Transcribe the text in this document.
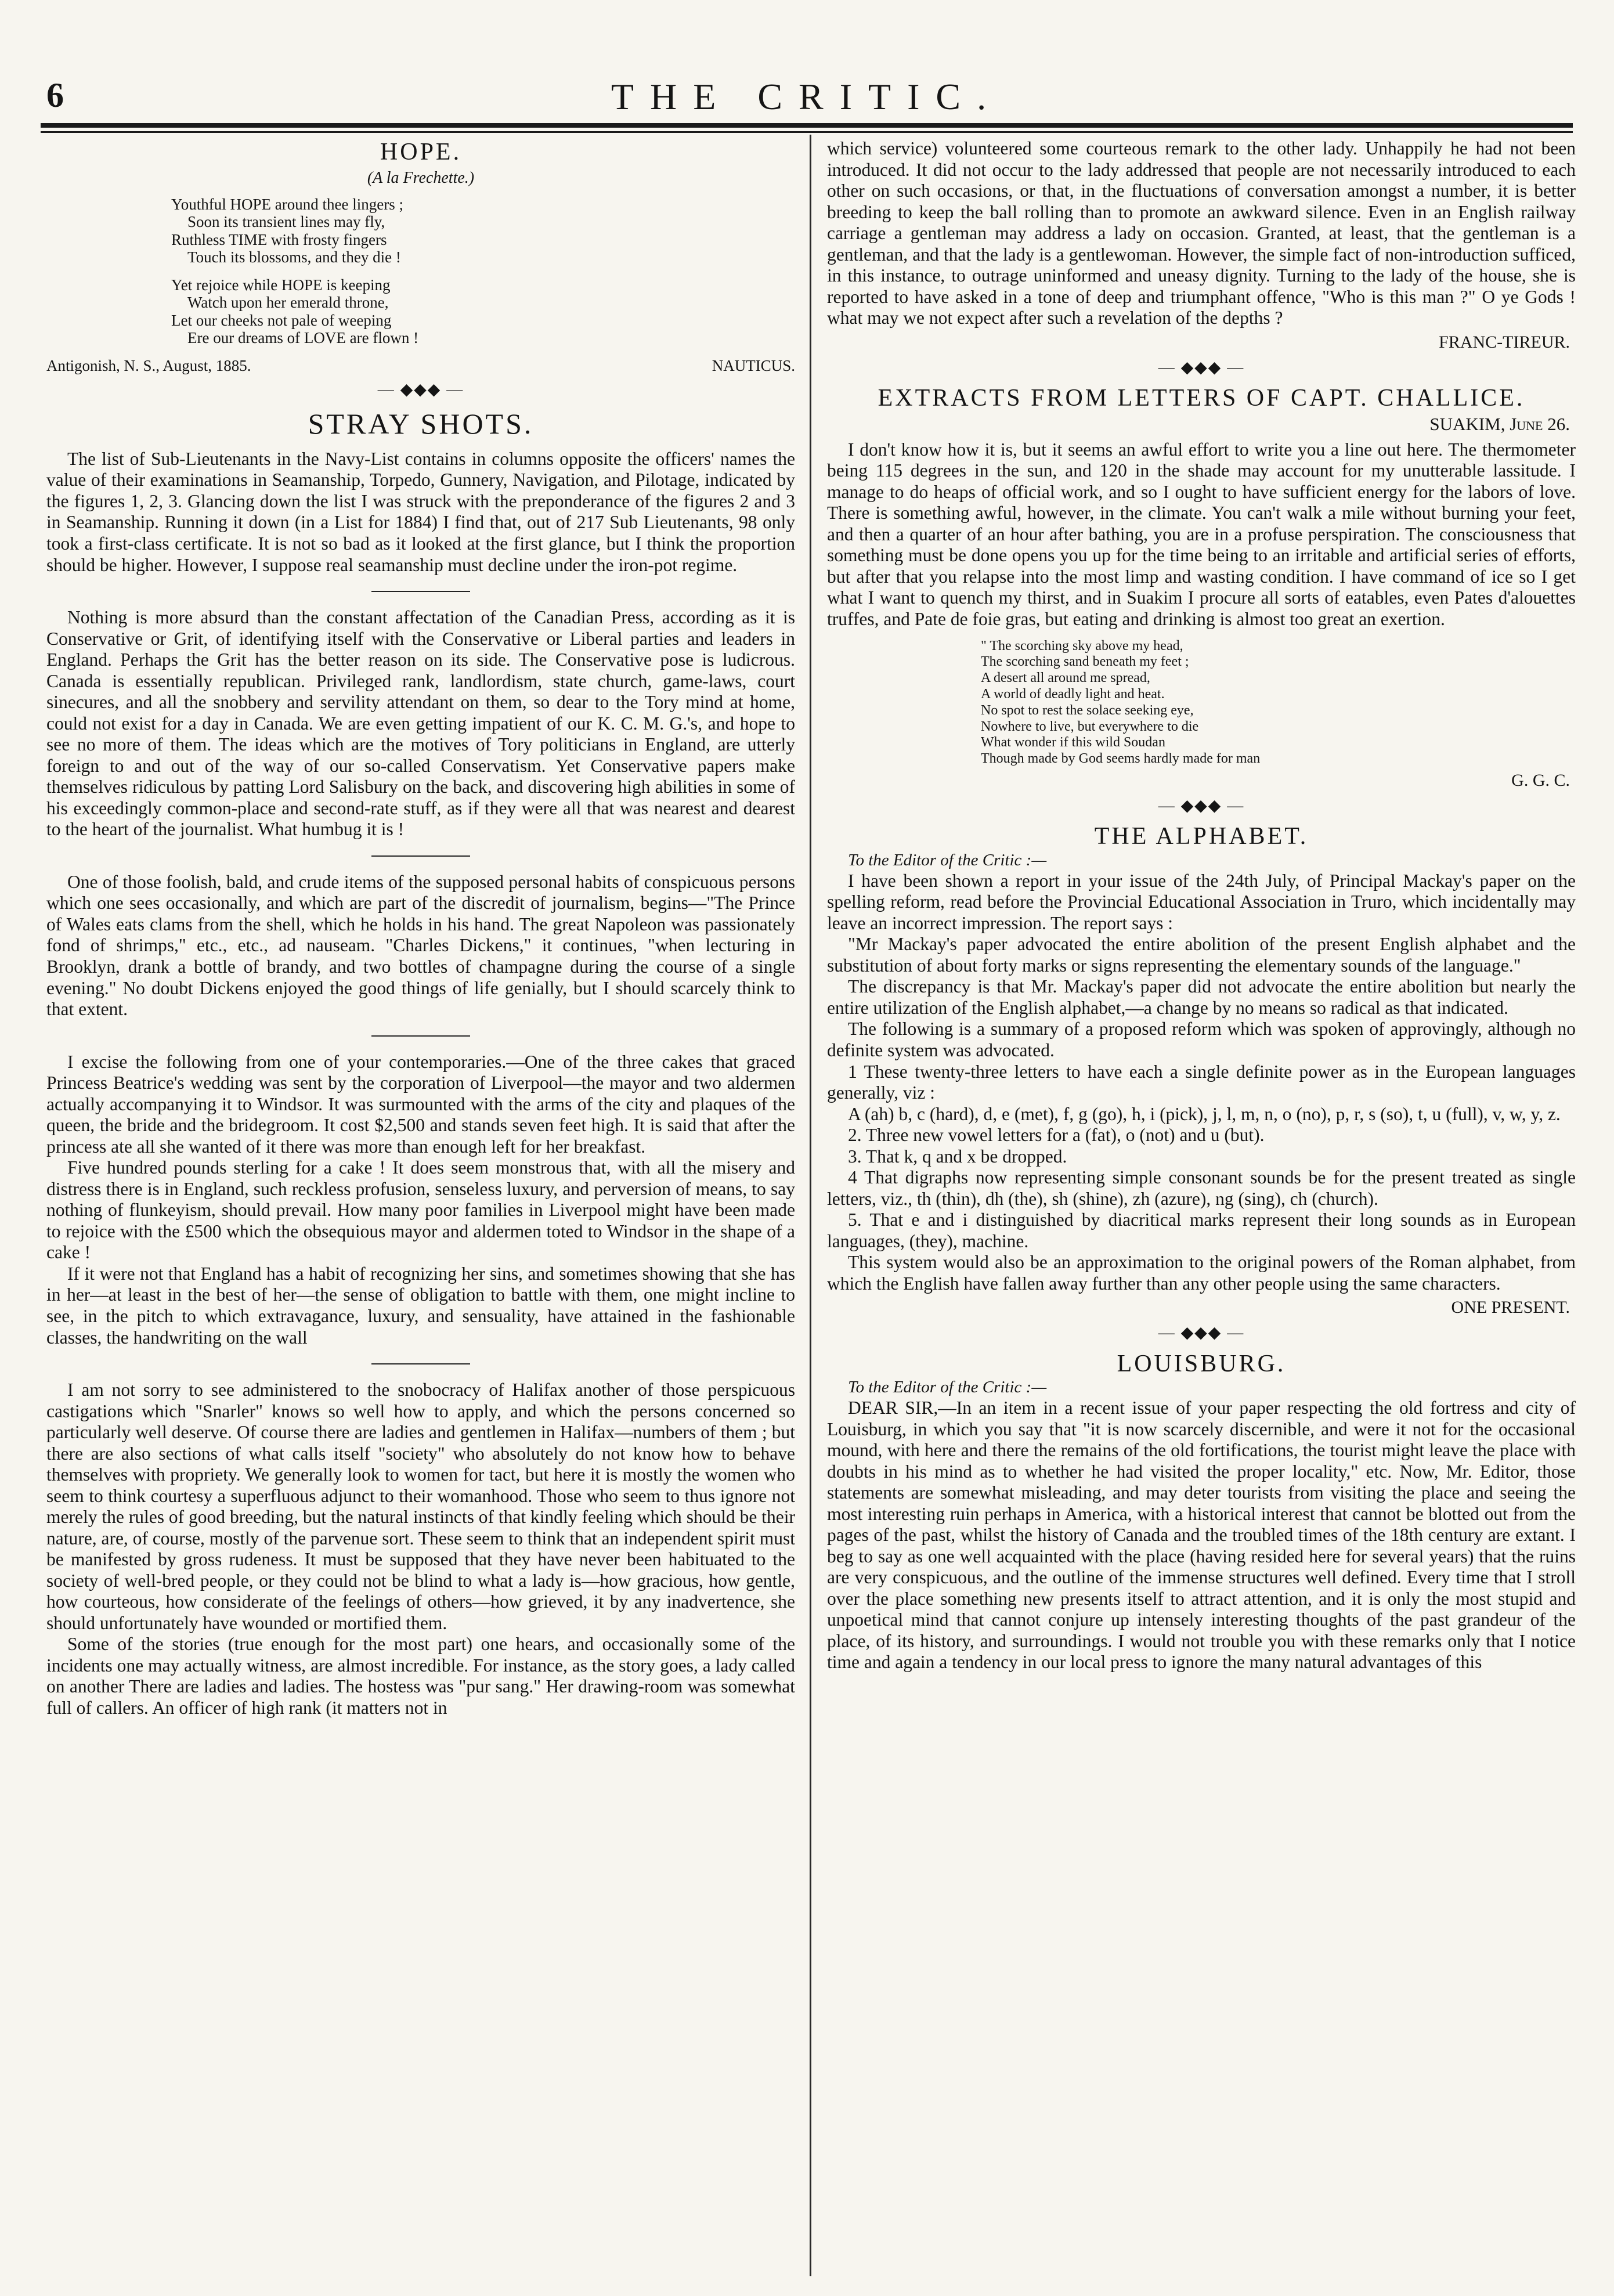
6	THE CRITIC.
HOPE.
(A la Frechette.)
Youthful HOPE around thee lingers ;
Soon its transient lines may fly,
Ruthless TIME with frosty fingers
Touch its blossoms, and they die !
Yet rejoice while HOPE is keeping
Watch upon her emerald throne,
Let our cheeks not pale of weeping
Ere our dreams of LOVE are flown !
Antigonish, N. S., August, 1885.	NAUTICUS.
— ◆◆◆ —
STRAY SHOTS.

The list of Sub-Lieutenants in the Navy-List contains in columns opposite the officers' names the value of their examinations in Seamanship, Torpedo, Gunnery, Navigation, and Pilotage, indicated by the figures 1, 2, 3. Glancing down the list I was struck with the preponderance of the figures 2 and 3 in Seamanship. Running it down (in a List for 1884) I find that, out of 217 Sub Lieutenants, 98 only took a first-class certificate. It is not so bad as it looked at the first glance, but I think the proportion should be higher. However, I suppose real seamanship must decline under the iron-pot regime.

Nothing is more absurd than the constant affectation of the Canadian Press, according as it is Conservative or Grit, of identifying itself with the Conservative or Liberal parties and leaders in England. Perhaps the Grit has the better reason on its side. The Conservative pose is ludicrous. Canada is essentially republican. Privileged rank, landlordism, state church, game-laws, court sinecures, and all the snobbery and servility attendant on them, so dear to the Tory mind at home, could not exist for a day in Canada. We are even getting impatient of our K. C. M. G.'s, and hope to see no more of them. The ideas which are the motives of Tory politicians in England, are utterly foreign to and out of the way of our so-called Conservatism. Yet Conservative papers make themselves ridiculous by patting Lord Salisbury on the back, and discovering high abilities in some of his exceedingly common-place and second-rate stuff, as if they were all that was nearest and dearest to the heart of the journalist. What humbug it is !

One of those foolish, bald, and crude items of the supposed personal habits of conspicuous persons which one sees occasionally, and which are part of the discredit of journalism, begins—"The Prince of Wales eats clams from the shell, which he holds in his hand. The great Napoleon was passionately fond of shrimps," etc., etc., ad nauseam. "Charles Dickens," it continues, "when lecturing in Brooklyn, drank a bottle of brandy, and two bottles of champagne during the course of a single evening." No doubt Dickens enjoyed the good things of life genially, but I should scarcely think to that extent.

I excise the following from one of your contemporaries.—One of the three cakes that graced Princess Beatrice's wedding was sent by the corporation of Liverpool—the mayor and two aldermen actually accompanying it to Windsor. It was surmounted with the arms of the city and plaques of the queen, the bride and the bridegroom. It cost $2,500 and stands seven feet high. It is said that after the princess ate all she wanted of it there was more than enough left for her breakfast.

Five hundred pounds sterling for a cake ! It does seem monstrous that, with all the misery and distress there is in England, such reckless profusion, senseless luxury, and perversion of means, to say nothing of flunkeyism, should prevail. How many poor families in Liverpool might have been made to rejoice with the £500 which the obsequious mayor and aldermen toted to Windsor in the shape of a cake !

If it were not that England has a habit of recognizing her sins, and sometimes showing that she has in her—at least in the best of her—the sense of obligation to battle with them, one might incline to see, in the pitch to which extravagance, luxury, and sensuality, have attained in the fashionable classes, the handwriting on the wall

I am not sorry to see administered to the snobocracy of Halifax another of those perspicuous castigations which "Snarler" knows so well how to apply, and which the persons concerned so particularly well deserve. Of course there are ladies and gentlemen in Halifax—numbers of them ; but there are also sections of what calls itself "society" who absolutely do not know how to behave themselves with propriety. We generally look to women for tact, but here it is mostly the women who seem to think courtesy a superfluous adjunct to their womanhood. Those who seem to thus ignore not merely the rules of good breeding, but the natural instincts of that kindly feeling which should be their nature, are, of course, mostly of the parvenue sort. These seem to think that an independent spirit must be manifested by gross rudeness. It must be supposed that they have never been habituated to the society of well-bred people, or they could not be blind to what a lady is—how gracious, how gentle, how courteous, how considerate of the feelings of others—how grieved, it by any inadvertence, she should unfortunately have wounded or mortified them.

Some of the stories (true enough for the most part) one hears, and occasionally some of the incidents one may actually witness, are almost incredible. For instance, as the story goes, a lady called on another There are ladies and ladies. The hostess was "pur sang." Her drawing-room was somewhat full of callers. An officer of high rank (it matters not in

which service) volunteered some courteous remark to the other lady. Unhappily he had not been introduced. It did not occur to the lady addressed that people are not necessarily introduced to each other on such occasions, or that, in the fluctuations of conversation amongst a number, it is better breeding to keep the ball rolling than to promote an awkward silence. Even in an English railway carriage a gentleman may address a lady on occasion. Granted, at least, that the gentleman is a gentleman, and that the lady is a gentlewoman. However, the simple fact of non-introduction sufficed, in this instance, to outrage uninformed and uneasy dignity. Turning to the lady of the house, she is reported to have asked in a tone of deep and triumphant offence, "Who is this man ?" O ye Gods ! what may we not expect after such a revelation of the depths ?

FRANC-TIREUR.
— ◆◆◆ —
EXTRACTS FROM LETTERS OF CAPT. CHALLICE.
SUAKIM, June 26.

I don't know how it is, but it seems an awful effort to write you a line out here. The thermometer being 115 degrees in the sun, and 120 in the shade may account for my unutterable lassitude. I manage to do heaps of official work, and so I ought to have sufficient energy for the labors of love. There is something awful, however, in the climate. You can't walk a mile without burning your feet, and then a quarter of an hour after bathing, you are in a profuse perspiration. The consciousness that something must be done opens you up for the time being to an irritable and artificial series of efforts, but after that you relapse into the most limp and wasting condition. I have command of ice so I get what I want to quench my thirst, and in Suakim I procure all sorts of eatables, even Pates d'alouettes truffes, and Pate de foie gras, but eating and drinking is almost too great an exertion.

" The scorching sky above my head,
The scorching sand beneath my feet ;
A desert all around me spread,
A world of deadly light and heat.
No spot to rest the solace seeking eye,
Nowhere to live, but everywhere to die
What wonder if this wild Soudan
Though made by God seems hardly made for man
G. G. C.
— ◆◆◆ —
THE ALPHABET.

To the Editor of the Critic :—

I have been shown a report in your issue of the 24th July, of Principal Mackay's paper on the spelling reform, read before the Provincial Educational Association in Truro, which incidentally may leave an incorrect impression. The report says :

"Mr Mackay's paper advocated the entire abolition of the present English alphabet and the substitution of about forty marks or signs representing the elementary sounds of the language."

The discrepancy is that Mr. Mackay's paper did not advocate the entire abolition but nearly the entire utilization of the English alphabet,—a change by no means so radical as that indicated.

The following is a summary of a proposed reform which was spoken of approvingly, although no definite system was advocated.

1 These twenty-three letters to have each a single definite power as in the European languages generally, viz :

A (ah) b, c (hard), d, e (met), f, g (go), h, i (pick), j, l, m, n, o (no), p, r, s (so), t, u (full), v, w, y, z.

2. Three new vowel letters for a (fat), o (not) and u (but).

3. That k, q and x be dropped.

4 That digraphs now representing simple consonant sounds be for the present treated as single letters, viz., th (thin), dh (the), sh (shine), zh (azure), ng (sing), ch (church).

5. That e and i distinguished by diacritical marks represent their long sounds as in European languages, (they), machine.

This system would also be an approximation to the original powers of the Roman alphabet, from which the English have fallen away further than any other people using the same characters.

ONE PRESENT.
— ◆◆◆ —
LOUISBURG.

To the Editor of the Critic :—

DEAR SIR,—In an item in a recent issue of your paper respecting the old fortress and city of Louisburg, in which you say that "it is now scarcely discernible, and were it not for the occasional mound, with here and there the remains of the old fortifications, the tourist might leave the place with doubts in his mind as to whether he had visited the proper locality," etc. Now, Mr. Editor, those statements are somewhat misleading, and may deter tourists from visiting the place and seeing the most interesting ruin perhaps in America, with a historical interest that cannot be blotted out from the pages of the past, whilst the history of Canada and the troubled times of the 18th century are extant. I beg to say as one well acquainted with the place (having resided here for several years) that the ruins are very conspicuous, and the outline of the immense structures well defined. Every time that I stroll over the place something new presents itself to attract attention, and it is only the most stupid and unpoetical mind that cannot conjure up intensely interesting thoughts of the past grandeur of the place, of its history, and surroundings. I would not trouble you with these remarks only that I notice time and again a tendency in our local press to ignore the many natural advantages of this
